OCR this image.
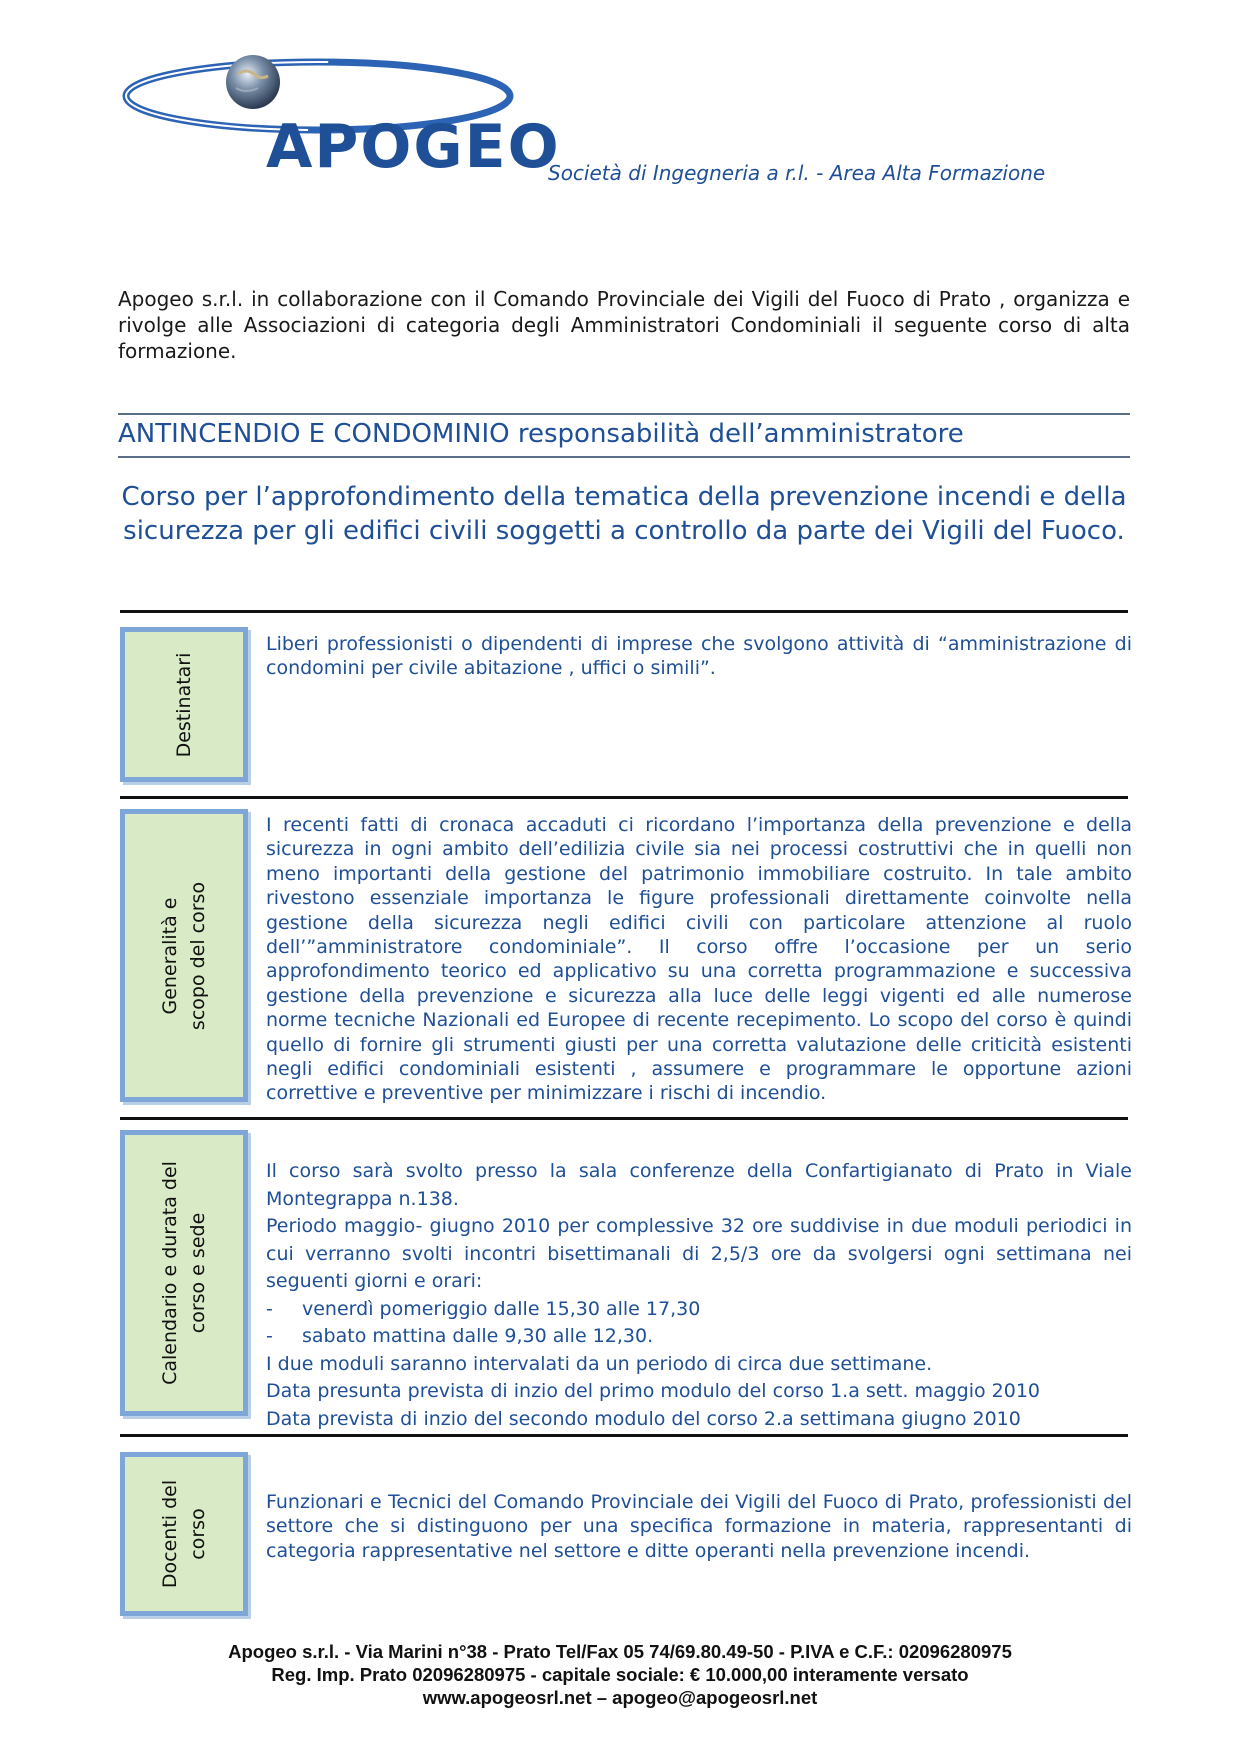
APOGEO
Società di Ingegneria a r.l. - Area Alta Formazione
Apogeo s.r.l. in collaborazione con il Comando Provinciale dei Vigili del Fuoco di Prato , organizza e rivolge alle Associazioni di categoria degli Amministratori Condominiali il seguente corso di alta formazione.
ANTINCENDIO E CONDOMINIO responsabilità dell’amministratore
Corso per l’approfondimento della tematica della prevenzione incendi e della sicurezza per gli edifici civili soggetti a controllo da parte dei Vigili del Fuoco.
Destinatari

Liberi professionisti o dipendenti di imprese che svolgono attività di “amministrazione di condomini per civile abitazione , uffici o simili”.

Generalità e scopo del corso

I recenti fatti di cronaca accaduti ci ricordano l’importanza della prevenzione e della sicurezza in ogni ambito dell’edilizia civile sia nei processi costruttivi che in quelli non meno importanti della gestione del patrimonio immobiliare costruito. In tale ambito rivestono essenziale importanza le figure professionali direttamente coinvolte nella gestione della sicurezza negli edifici civili con particolare attenzione al ruolo dell’”amministratore condominiale”. Il corso offre l’occasione per un serio approfondimento teorico ed applicativo su una corretta programmazione e successiva gestione della prevenzione e sicurezza alla luce delle leggi vigenti ed alle numerose norme tecniche Nazionali ed Europee di recente recepimento. Lo scopo del corso è quindi quello di fornire gli strumenti giusti per una corretta valutazione delle criticità esistenti negli edifici condominiali esistenti , assumere e programmare le opportune azioni correttive e preventive per minimizzare i rischi di incendio.

Calendario e durata del corso e sede

Il corso sarà svolto presso la sala conferenze della Confartigianato di Prato in Viale Montegrappa n.138.

Periodo maggio- giugno 2010 per complessive 32 ore suddivise in due moduli periodici in cui verranno svolti incontri bisettimanali di 2,5/3 ore da svolgersi ogni settimana nei seguenti giorni e orari:

-	venerdì pomeriggio dalle 15,30 alle 17,30
-	sabato mattina dalle 9,30 alle 12,30.

I due moduli saranno intervalati da un periodo di circa due settimane.

Data presunta prevista di inzio del primo modulo del corso 1.a sett. maggio 2010

Data prevista di inzio del secondo modulo del corso 2.a settimana giugno 2010

Docenti del corso

Funzionari e Tecnici del Comando Provinciale dei Vigili del Fuoco di Prato, professionisti del settore che si distinguono per una specifica formazione in materia, rappresentanti di categoria rappresentative nel settore e ditte operanti nella prevenzione incendi.

Apogeo s.r.l. - Via Marini n°38 - Prato Tel/Fax 05 74/69.80.49-50 - P.IVA e C.F.: 02096280975
Reg. Imp. Prato 02096280975 - capitale sociale: € 10.000,00 interamente versato
www.apogeosrl.net – apogeo@apogeosrl.net
